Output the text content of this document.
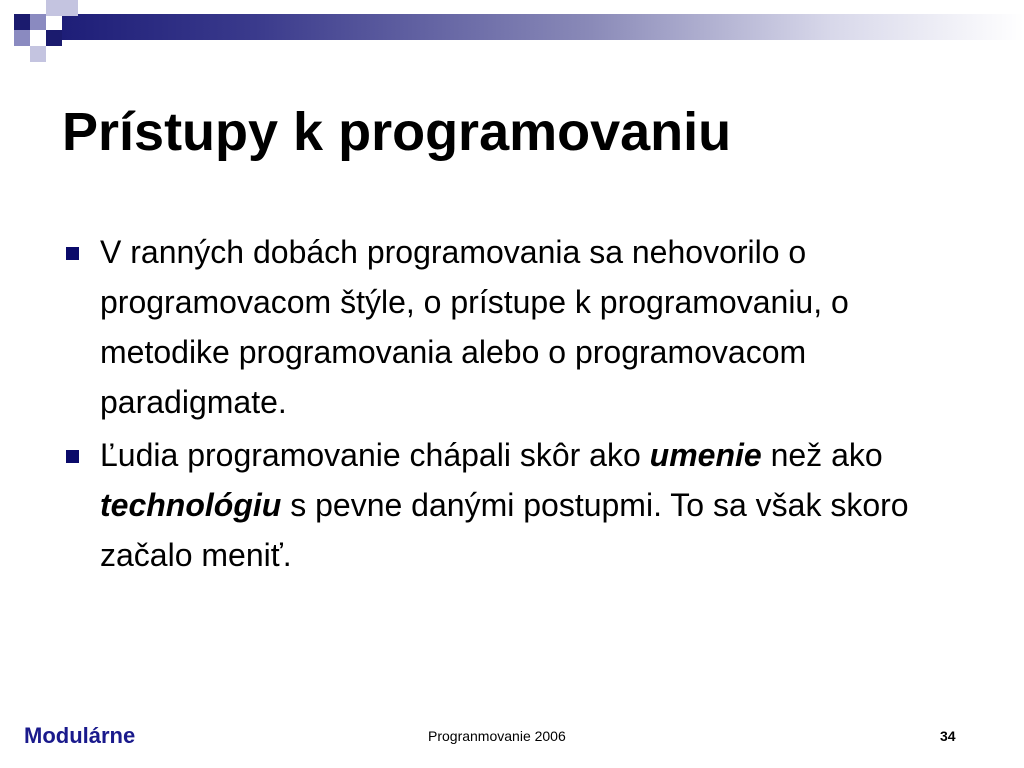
Prístupy k programovaniu
V ranných dobách programovania sa nehovorilo o programovacom štýle, o prístupe k programovaniu, o metodike programovania alebo o programovacom paradigmate.
Ľudia programovanie chápali skôr ako umenie než ako technológiu s pevne danými postupmi. To sa však skoro začalo meniť.
Modulárne	Progranmovanie 2006	34
